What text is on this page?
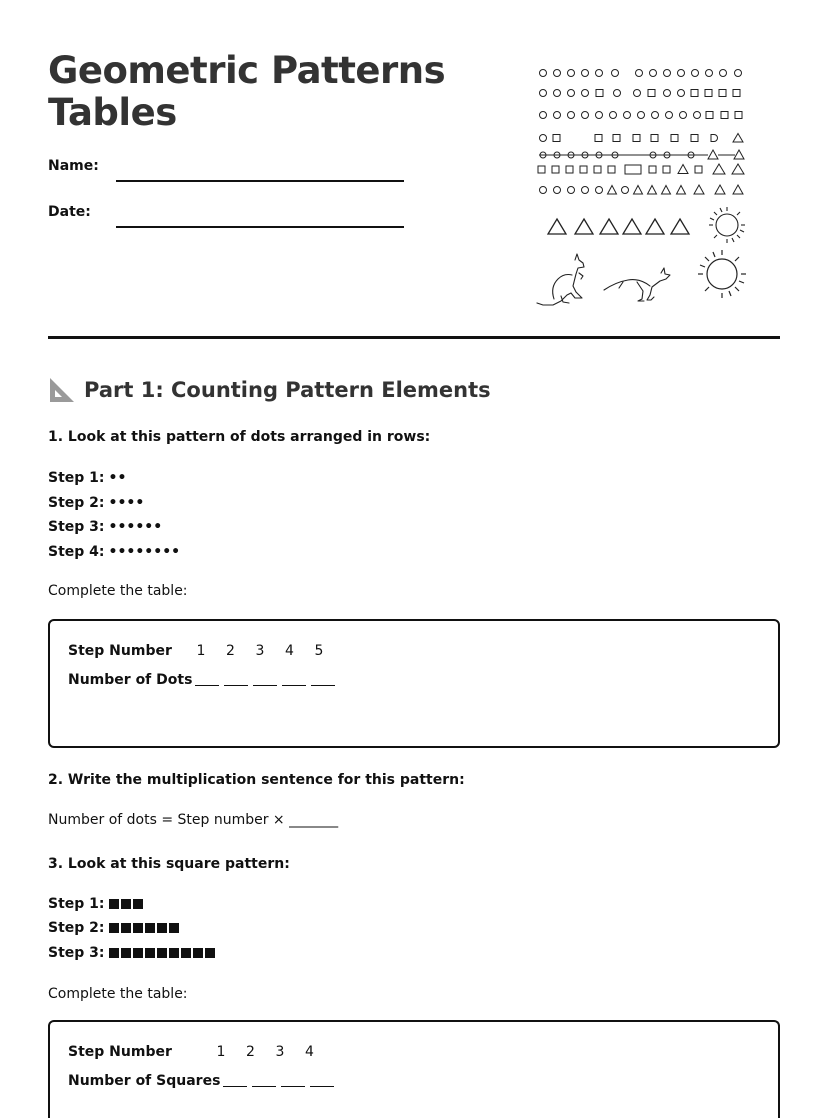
Geometric Patterns
Tables
Name:
Date:
Part 1: Counting Pattern Elements
1. Look at this pattern of dots arranged in rows:
Step 1: ••
Step 2: ••••
Step 3: ••••••
Step 4: ••••••••
Complete the table:
Step Number	1	2	3	4	5
Number of Dots
2. Write the multiplication sentence for this pattern:
Number of dots = Step number × _______
3. Look at this square pattern:
Step 1:
Step 2:
Step 3:
Complete the table:
Step Number	1	2	3	4
Number of Squares
